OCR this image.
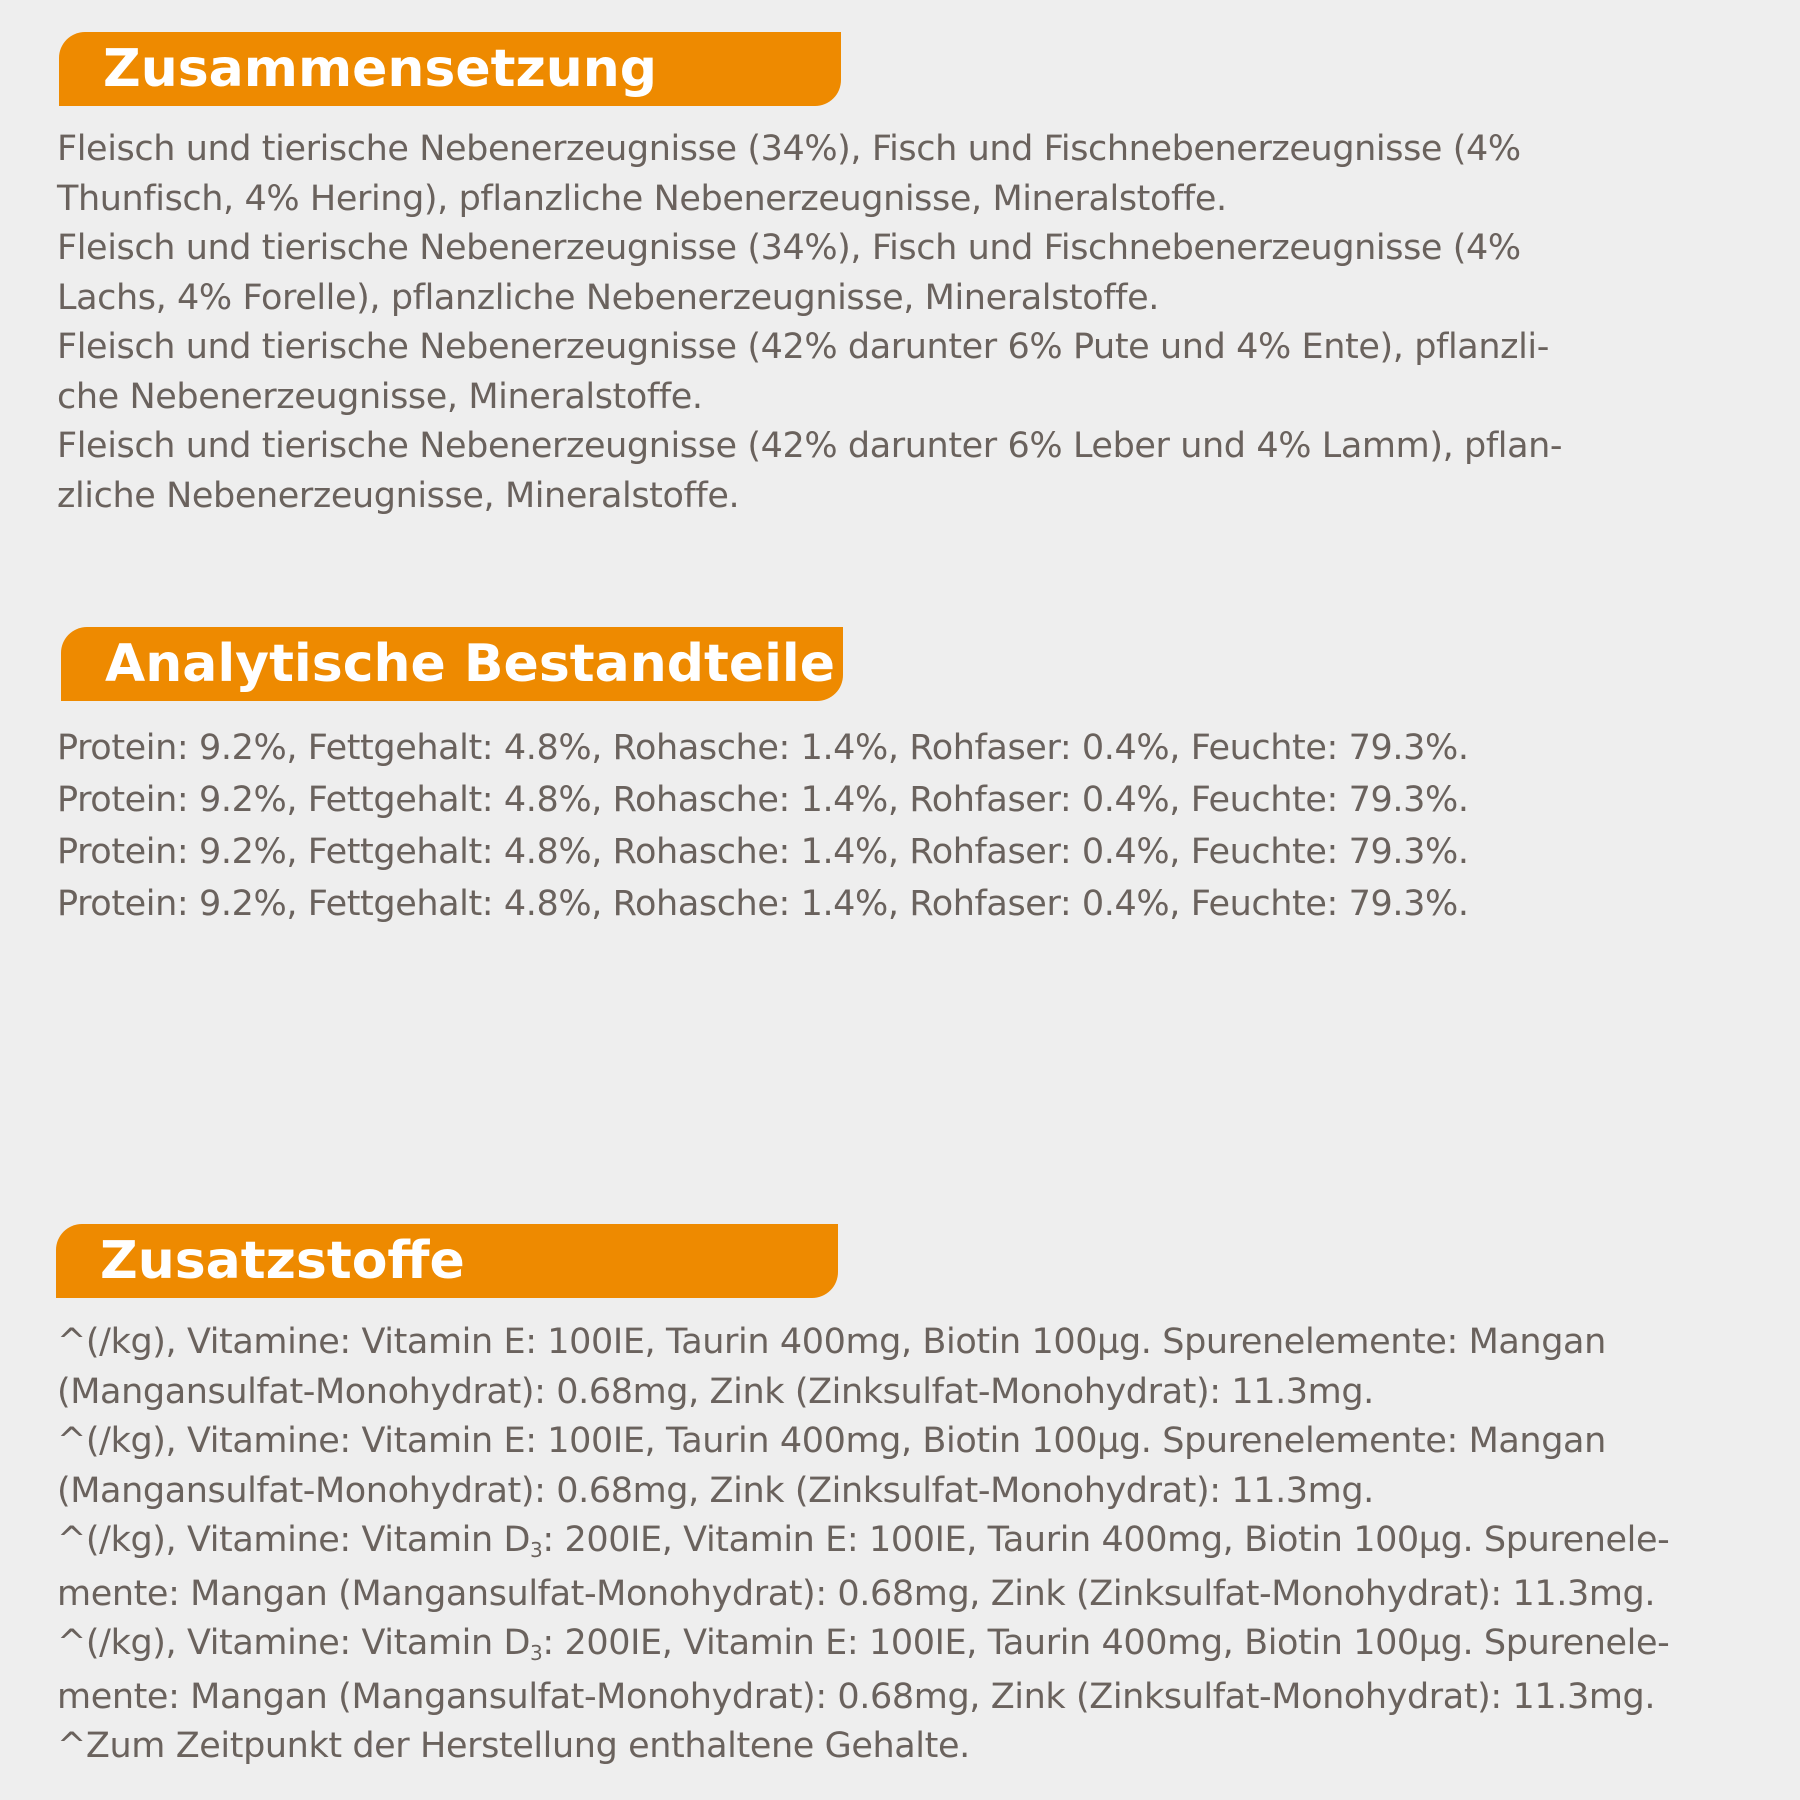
Zusammensetzung
Fleisch und tierische Nebenerzeugnisse (34%), Fisch und Fischnebenerzeugnisse (4%
Thunfisch, 4% Hering), pflanzliche Nebenerzeugnisse, Mineralstoffe.
Fleisch und tierische Nebenerzeugnisse (34%), Fisch und Fischnebenerzeugnisse (4%
Lachs, 4% Forelle), pflanzliche Nebenerzeugnisse, Mineralstoffe.
Fleisch und tierische Nebenerzeugnisse (42% darunter 6% Pute und 4% Ente), pflanzli-
che Nebenerzeugnisse, Mineralstoffe.
Fleisch und tierische Nebenerzeugnisse (42% darunter 6% Leber und 4% Lamm), pflan-
zliche Nebenerzeugnisse, Mineralstoffe.
Analytische Bestandteile
Protein: 9.2%, Fettgehalt: 4.8%, Rohasche: 1.4%, Rohfaser: 0.4%, Feuchte: 79.3%.
Protein: 9.2%, Fettgehalt: 4.8%, Rohasche: 1.4%, Rohfaser: 0.4%, Feuchte: 79.3%.
Protein: 9.2%, Fettgehalt: 4.8%, Rohasche: 1.4%, Rohfaser: 0.4%, Feuchte: 79.3%.
Protein: 9.2%, Fettgehalt: 4.8%, Rohasche: 1.4%, Rohfaser: 0.4%, Feuchte: 79.3%.
Zusatzstoffe
^(/kg), Vitamine: Vitamin E: 100IE, Taurin 400mg, Biotin 100µg. Spurenelemente: Mangan
(Mangansulfat-Monohydrat): 0.68mg, Zink (Zinksulfat-Monohydrat): 11.3mg.
^(/kg), Vitamine: Vitamin E: 100IE, Taurin 400mg, Biotin 100µg. Spurenelemente: Mangan
(Mangansulfat-Monohydrat): 0.68mg, Zink (Zinksulfat-Monohydrat): 11.3mg.
^(/kg), Vitamine: Vitamin $D_3$: 200IE, Vitamin E: 100IE, Taurin 400mg, Biotin 100µg. Spurenele-
mente: Mangan (Mangansulfat-Monohydrat): 0.68mg, Zink (Zinksulfat-Monohydrat): 11.3mg.
^(/kg), Vitamine: Vitamin $D_3$: 200IE, Vitamin E: 100IE, Taurin 400mg, Biotin 100µg. Spurenele-
mente: Mangan (Mangansulfat-Monohydrat): 0.68mg, Zink (Zinksulfat-Monohydrat): 11.3mg.
^Zum Zeitpunkt der Herstellung enthaltene Gehalte.
